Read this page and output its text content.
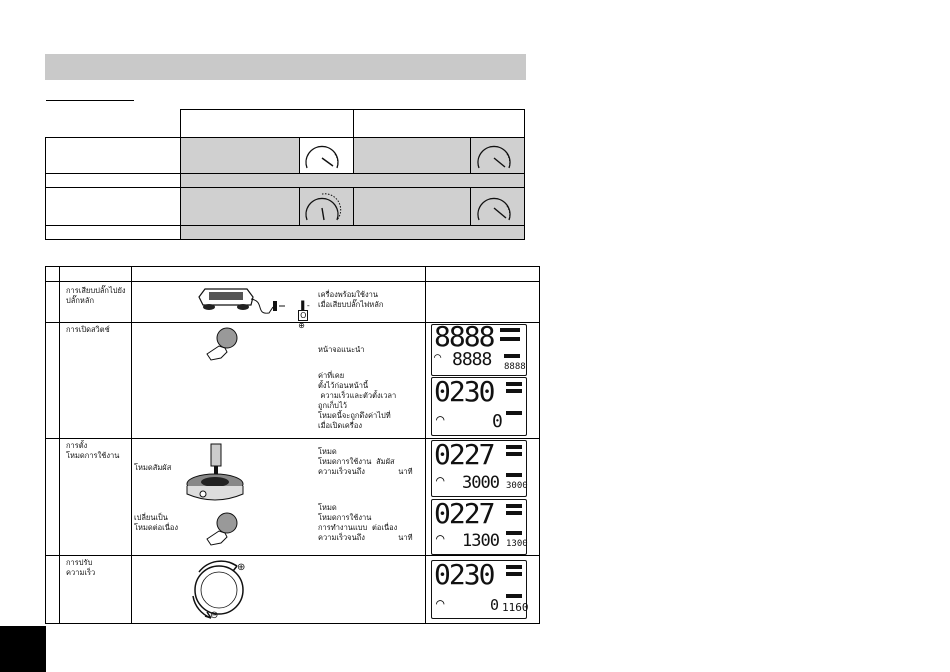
การเสียบปลั๊กไปยัง
ปลั๊กหลัก
การเปิดสวิตช์
การตั้ง
โหมดการใช้งาน
การปรับ
ความเร็ว

▐ -
O
⊕

เครื่องพร้อมใช้งาน
เมื่อเสียบปลั๊กไฟหลัก
หน้าจอแนะนำ
ค่าที่เคย
ตั้งไว้ก่อนหน้านี้
ความเร็วและตัวตั้งเวลา
ถูกเก็บไว้
โหมดนี้จะถูกดึงค่าไปที่
เมื่อเปิดเครื่อง
โหมดสัมผัส
เปลี่ยนเป็น
โหมดต่อเนื่อง
โหมด
โหมดการใช้งาน  สัมผัส
ความเร็วจนถึง              นาที
โหมด
โหมดการใช้งาน
การทำงานแบบ  ต่อเนื่อง
ความเร็วจนถึง              นาที
⊕
⊖
8888
◠ 8888 8888
0230
◠	0
0227
◠ 3000 3000
0227
◠ 1300 1300
0230
◠	0 1160
